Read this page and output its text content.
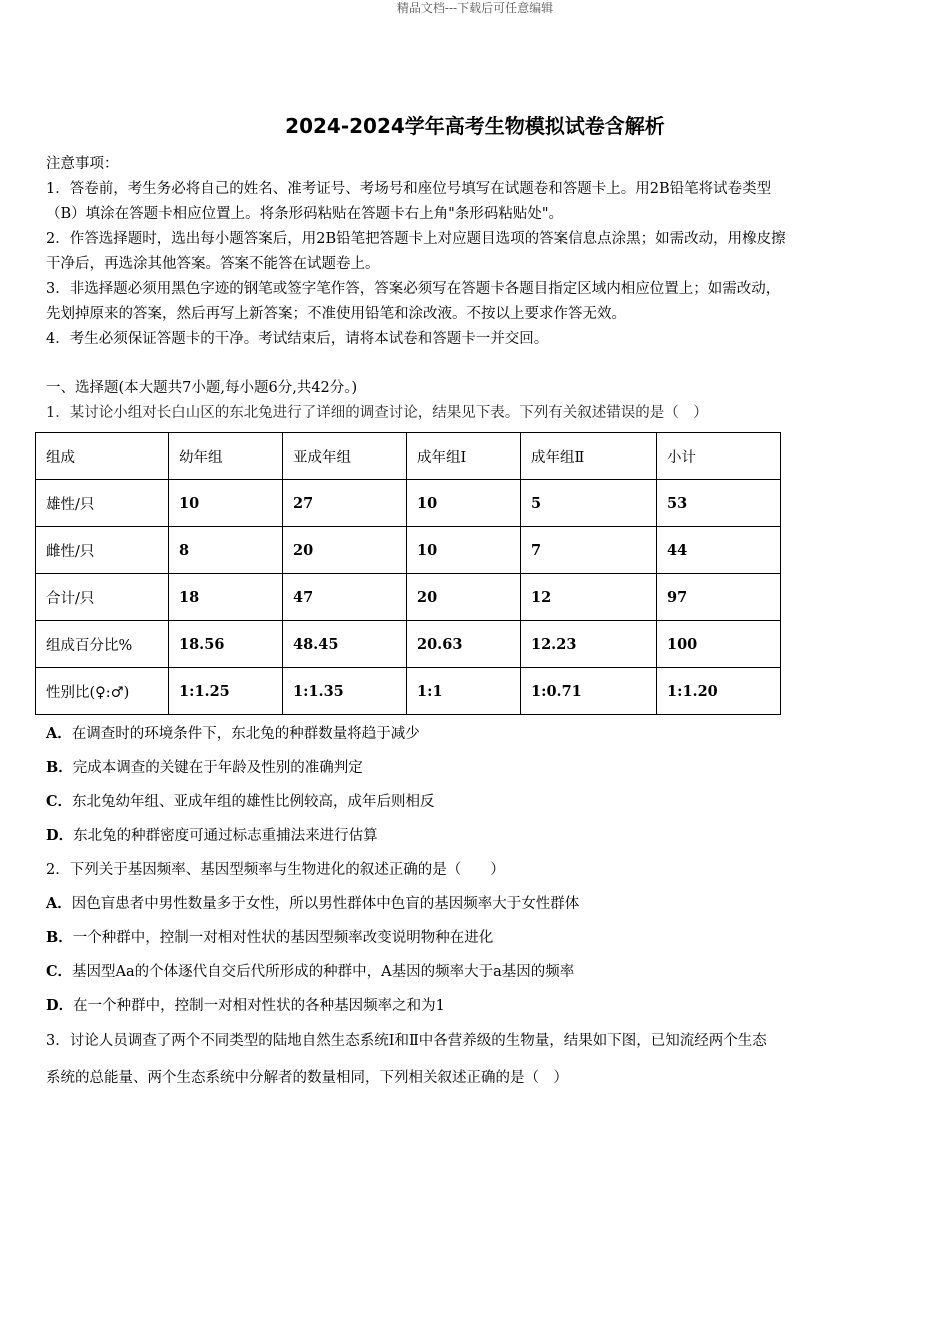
精品文档---下载后可任意编辑
2024-2024学年高考生物模拟试卷含解析
注意事项：
1．答卷前，考生务必将自己的姓名、准考证号、考场号和座位号填写在试题卷和答题卡上。用2B铅笔将试卷类型
（B）填涂在答题卡相应位置上。将条形码粘贴在答题卡右上角"条形码粘贴处"。
2．作答选择题时，选出每小题答案后，用2B铅笔把答题卡上对应题目选项的答案信息点涂黑；如需改动，用橡皮擦
干净后，再选涂其他答案。答案不能答在试题卷上。
3．非选择题必须用黑色字迹的钢笔或签字笔作答，答案必须写在答题卡各题目指定区域内相应位置上；如需改动，
先划掉原来的答案，然后再写上新答案；不准使用铅笔和涂改液。不按以上要求作答无效。
4．考生必须保证答题卡的干净。考试结束后，请将本试卷和答题卡一并交回。
一、选择题(本大题共7小题,每小题6分,共42分。)
1．某讨论小组对长白山区的东北兔进行了详细的调查讨论，结果见下表。下列有关叙述错误的是（　）
组成	幼年组	亚成年组	成年组Ⅰ	成年组Ⅱ	小计
雄性/只	10	27	10	5	53
雌性/只	8	20	10	7	44
合计/只	18	47	20	12	97
组成百分比%	18.56	48.45	20.63	12.23	100
性别比(♀:♂)	1:1.25	1:1.35	1:1	1:0.71	1:1.20
A．在调查时的环境条件下，东北兔的种群数量将趋于减少
B．完成本调查的关键在于年龄及性别的准确判定
C．东北兔幼年组、亚成年组的雄性比例较高，成年后则相反
D．东北兔的种群密度可通过标志重捕法来进行估算
2．下列关于基因频率、基因型频率与生物进化的叙述正确的是（　　）
A．因色盲患者中男性数量多于女性，所以男性群体中色盲的基因频率大于女性群体
B．一个种群中，控制一对相对性状的基因型频率改变说明物种在进化
C．基因型Aa的个体逐代自交后代所形成的种群中，A基因的频率大于a基因的频率
D．在一个种群中，控制一对相对性状的各种基因频率之和为1
3．讨论人员调查了两个不同类型的陆地自然生态系统Ⅰ和Ⅱ中各营养级的生物量，结果如下图，已知流经两个生态
系统的总能量、两个生态系统中分解者的数量相同，下列相关叙述正确的是（　）
